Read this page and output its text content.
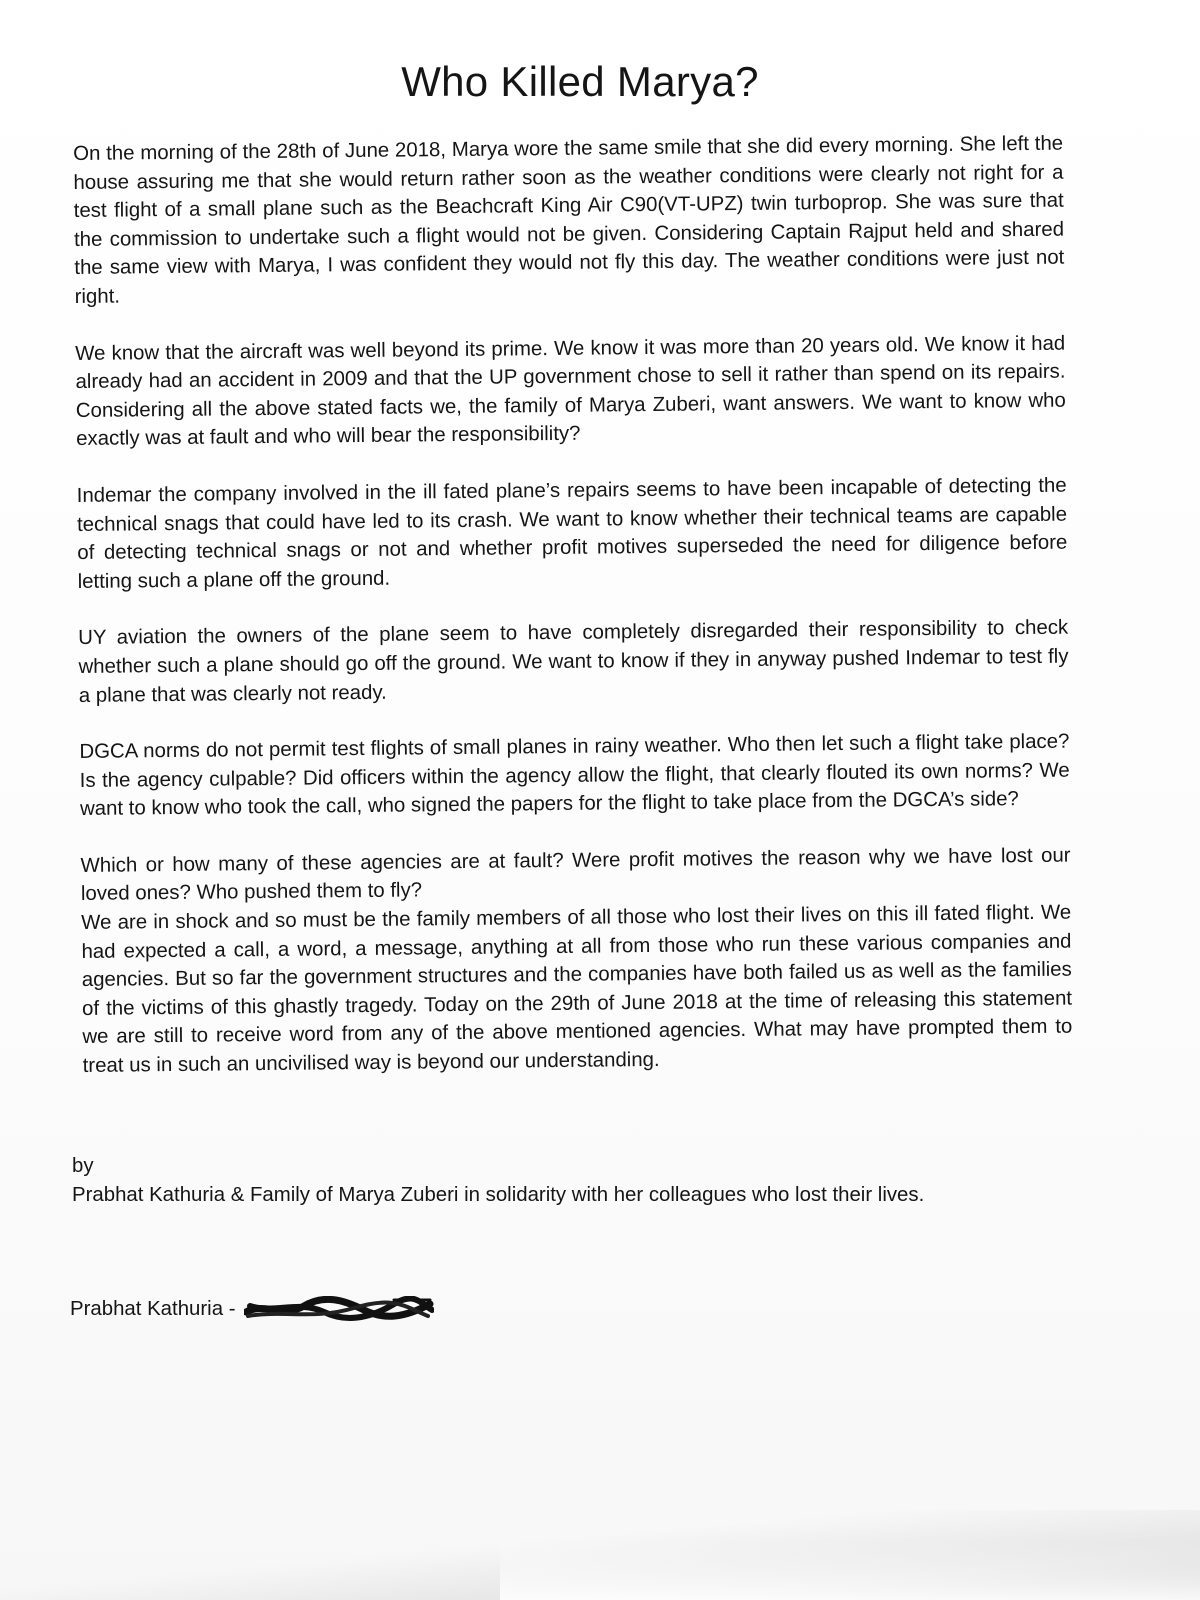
Who Killed Marya?

On the morning of the 28th of June 2018, Marya wore the same smile that she did every morning. She left the house assuring me that she would return rather soon as the weather conditions were clearly not right for a test flight of a small plane such as the Beachcraft King Air C90(VT-UPZ) twin turboprop. She was sure that the commission to undertake such a flight would not be given. Considering Captain Rajput held and shared the same view with Marya, I was confident they would not fly this day. The weather conditions were just not right.

We know that the aircraft was well beyond its prime. We know it was more than 20 years old. We know it had already had an accident in 2009 and that the UP government chose to sell it rather than spend on its repairs. Considering all the above stated facts we, the family of Marya Zuberi, want answers. We want to know who exactly was at fault and who will bear the responsibility?

Indemar the company involved in the ill fated plane’s repairs seems to have been incapable of detecting the technical snags that could have led to its crash. We want to know whether their technical teams are capable of detecting technical snags or not and whether profit motives superseded the need for diligence before letting such a plane off the ground.

UY aviation the owners of the plane seem to have completely disregarded their responsibility to check whether such a plane should go off the ground. We want to know if they in anyway pushed Indemar to test fly a plane that was clearly not ready.

DGCA norms do not permit test flights of small planes in rainy weather. Who then let such a flight take place? Is the agency culpable? Did officers within the agency allow the flight, that clearly flouted its own norms? We want to know who took the call, who signed the papers for the flight to take place from the DGCA’s side?

Which or how many of these agencies are at fault? Were profit motives the reason why we have lost our loved ones? Who pushed them to fly?

We are in shock and so must be the family members of all those who lost their lives on this ill fated flight. We had expected a call, a word, a message, anything at all from those who run these various companies and agencies. But so far the government structures and the companies have both failed us as well as the families of the victims of this ghastly tragedy. Today on the 29th of June 2018 at the time of releasing this statement we are still to receive word from any of the above mentioned agencies. What may have prompted them to treat us in such an uncivilised way is beyond our understanding.

by
Prabhat Kathuria & Family of Marya Zuberi in solidarity with her colleagues who lost their lives.
Prabhat Kathuria -
